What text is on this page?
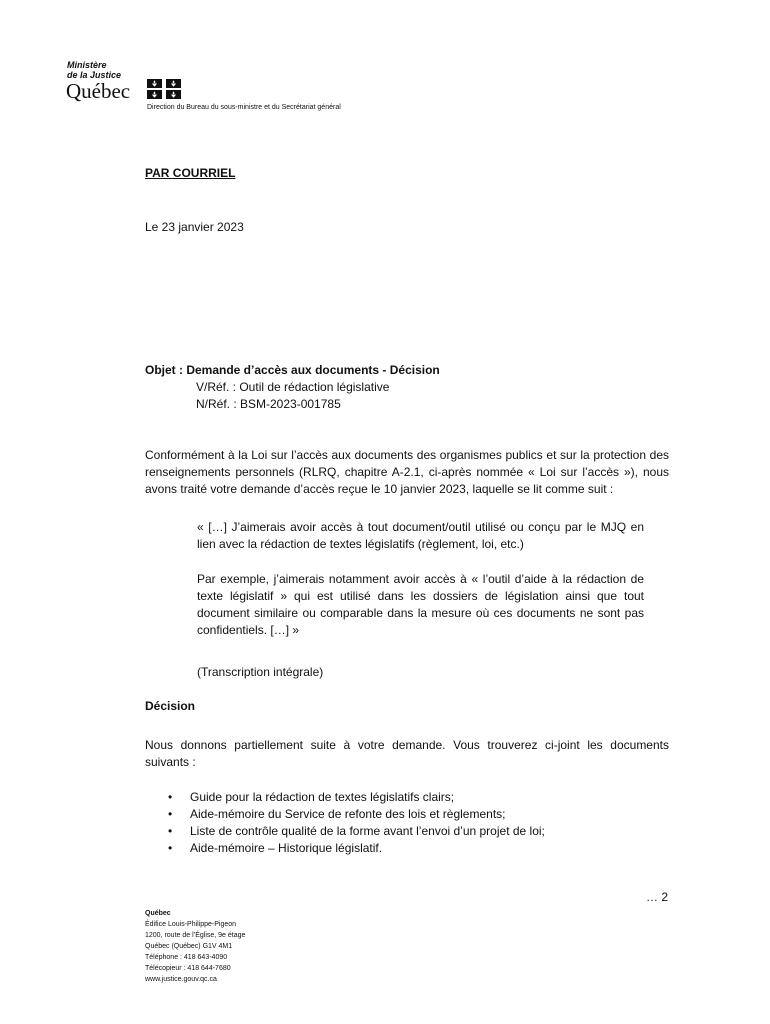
Ministère
de la Justice
Québec
Direction du Bureau du sous-ministre et du Secrétariat général
PAR COURRIEL
Le 23 janvier 2023
Objet : Demande d’accès aux documents - Décision
V/Réf. : Outil de rédaction législative
N/Réf. : BSM-2023-001785
Conformément à la Loi sur l’accès aux documents des organismes publics et sur la protection des renseignements personnels (RLRQ, chapitre A-2.1, ci-après nommée « Loi sur l’accès »), nous avons traité votre demande d’accès reçue le 10 janvier 2023, laquelle se lit comme suit :
« […] J’aimerais avoir accès à tout document/outil utilisé ou conçu par le MJQ en lien avec la rédaction de textes législatifs (règlement, loi, etc.)
Par exemple, j’aimerais notamment avoir accès à « l’outil d’aide à la rédaction de texte législatif » qui est utilisé dans les dossiers de législation ainsi que tout document similaire ou comparable dans la mesure où ces documents ne sont pas confidentiels. […] »
(Transcription intégrale)
Décision
Nous donnons partiellement suite à votre demande. Vous trouverez ci-joint les documents suivants :
• Guide pour la rédaction de textes législatifs clairs;
• Aide-mémoire du Service de refonte des lois et règlements;
• Liste de contrôle qualité de la forme avant l’envoi d’un projet de loi;
• Aide-mémoire – Historique législatif.
… 2
Québec
Édifice Louis-Philippe-Pigeon
1200, route de l’Église, 9e étage
Québec (Québec) G1V 4M1
Téléphone : 418 643-4090
Télécopieur : 418 644-7680
www.justice.gouv.qc.ca
